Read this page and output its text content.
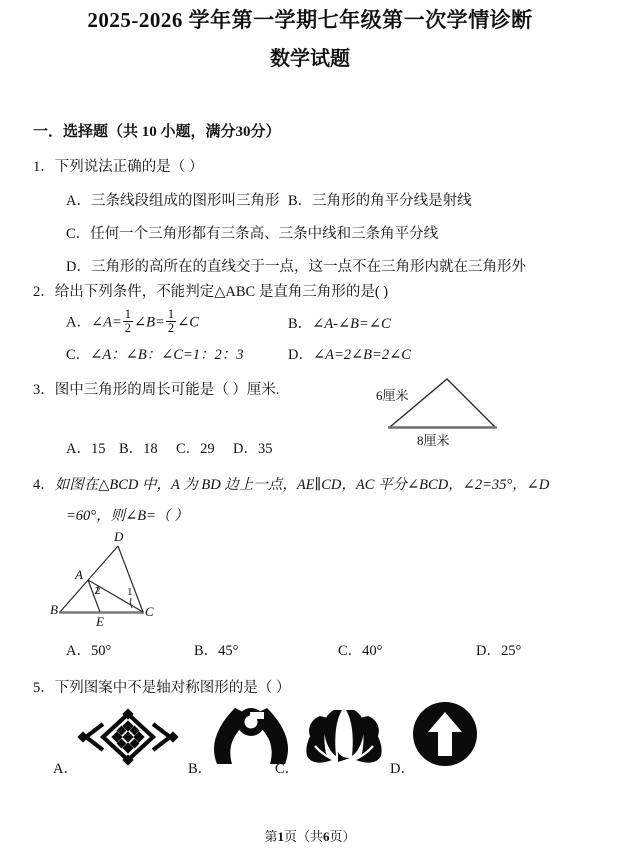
2025-2026 学年第一学期七年级第一次学情诊断
数学试题
一．选择题（共 10 小题，满分30分）
1．下列说法正确的是（ ）
A．三条线段组成的图形叫三角形 B．三角形的角平分线是射线
C．任何一个三角形都有三条高、三条中线和三条角平分线
D．三角形的高所在的直线交于一点，这一点不在三角形内就在三角形外
2．给出下列条件，不能判定△ABC 是直角三角形的是( )
A．∠A= $\frac{1}{2}$ ∠B= $\frac{1}{2}$ ∠C	B．∠A‑∠B=∠C
C．∠A：∠B：∠C=1：2：3	D．∠A=2∠B=2∠C
3．图中三角形的周长可能是（ ）厘米.	6厘米
8厘米
A．15 B．18 C．29 D．35
4．如图在△BCD 中，A 为 BD 边上一点，AE∥CD，AC 平分∠BCD，∠2=35°，∠D
=60°，则∠B=（ ）
D
A
B
E
C
1
2
A．50°	B．45°	C．40°	D．25°
5．下列图案中不是轴对称图形的是（ ）
A．	B．	C．	D．
第1页（共6页）
